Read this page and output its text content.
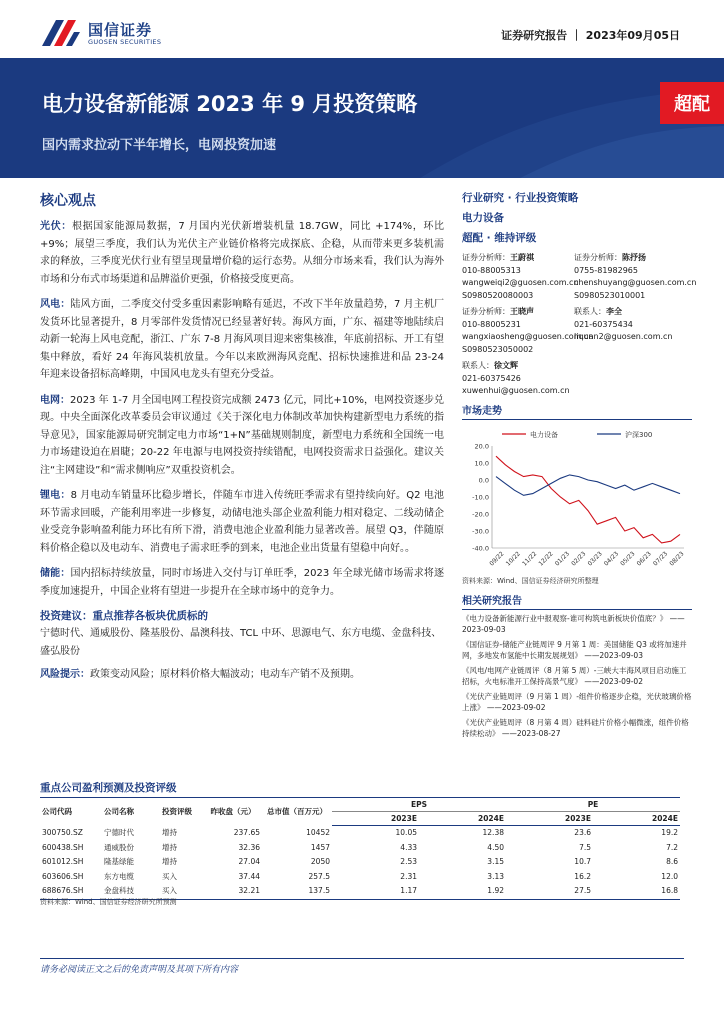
国信证券
GUOSEN SECURITIES	证券研究报告 ｜ 2023年09月05日
电力设备新能源 2023 年 9 月投资策略
国内需求拉动下半年增长，电网投资加速
超配
核心观点
光伏：根据国家能源局数据，7 月国内光伏新增装机量 18.7GW，同比 +174%，环比+9%；展望三季度，我们认为光伏主产业链价格将完成探底、企稳，从而带来更多装机需求的释放，三季度光伏行业有望呈现量增价稳的运行态势。从细分市场来看，我们认为海外市场和分布式市场渠道和品牌溢价更强，价格接受度更高。
风电：陆风方面，二季度交付受多重因素影响略有延迟，不改下半年放量趋势，7 月主机厂发货环比显著提升，8 月零部件发货情况已经显著好转。海风方面，广东、福建等地陆续启动新一轮海上风电竞配，浙江、广东 7-8 月海风项目迎来密集核准，年底前招标、开工有望集中释放，看好 24 年海风装机放量。今年以来欧洲海风竞配、招标快速推进和品 23-24 年迎来设备招标高峰期，中国风电龙头有望充分受益。
电网：2023 年 1-7 月全国电网工程投资完成额 2473 亿元，同比+10%，电网投资逐步兑现。中央全面深化改革委员会审议通过《关于深化电力体制改革加快构建新型电力系统的指导意见》，国家能源局研究制定电力市场“1+N”基础规则制度，新型电力系统和全国统一电力市场建设迫在眉睫；20-22 年电源与电网投资持续错配，电网投资需求日益强化。建议关注“主网建设”和“需求侧响应”双重投资机会。
锂电：8 月电动车销量环比稳步增长，伴随车市进入传统旺季需求有望持续向好。Q2 电池环节需求回暖，产能利用率进一步修复，动储电池头部企业盈利能力相对稳定、二线动储企业受竞争影响盈利能力环比有所下滑，消费电池企业盈利能力显著改善。展望 Q3，伴随原料价格企稳以及电动车、消费电子需求旺季的到来，电池企业出货量有望稳中向好。。
储能：国内招标持续放量，同时市场进入交付与订单旺季，2023 年全球光储市场需求将逐季度加速提升，中国企业将有望进一步提升在全球市场中的竞争力。
投资建议：重点推荐各板块优质标的
宁德时代、通威股份、隆基股份、晶澳科技、TCL 中环、思源电气、东方电缆、金盘科技、盛弘股份
风险提示：政策变动风险；原材料价格大幅波动；电动车产销不及预期。
行业研究 · 行业投资策略
电力设备
超配 · 维持评级
证券分析师：王蔚祺
010-88005313
wangweiqi2@guosen.com.cn
S0980520080003
证券分析师：陈抒扬
0755-81982965
chenshuyang@guosen.com.cn
S0980523010001
证券分析师：王晓声
010-88005231
wangxiaosheng@guosen.com.cn
S0980523050002
联系人：李全
021-60375434
liquan2@guosen.com.cn
联系人：徐文辉
021-60375426
xuwenhui@guosen.com.cn
市场走势
电力设备	沪深300
20.0
10.0
0.0
-10.0
-20.0
-30.0
-40.0
09/22 10/22 11/22 12/22 01/23 02/23 03/23 04/23 05/23 06/23 07/23 08/23
资料来源：Wind、国信证券经济研究所整理
相关研究报告
《电力设备新能源行业中报观察-谁可构筑电新板块价值底？》 ——2023-09-03
《国信证券-储能产业链周评 9 月第 1 周：美国储能 Q3 或将加速并网，多地发布氢能中长期发展规划》 ——2023-09-03
《风电/电网产业链周评（8 月第 5 周）-三峡大丰海风项目启动施工招标，火电标准开工保持高景气度》 ——2023-09-02
《光伏产业链周评（9 月第 1 周）-组件价格逐步企稳，光伏玻璃价格上涨》 ——2023-09-02
《光伏产业链周评（8 月第 4 周）硅料硅片价格小幅微涨，组件价格持续松动》 ——2023-08-27
重点公司盈利预测及投资评级
公司代码	公司名称	投资评级	昨收盘（元）	总市值（百万元）	EPS		PE	
					2023E	2024E	2023E	2024E
300750.SZ	宁德时代	增持	237.65	10452	10.05	12.38	23.6	19.2
600438.SH	通威股份	增持	32.36	1457	4.33	4.50	7.5	7.2
601012.SH	隆基绿能	增持	27.04	2050	2.53	3.15	10.7	8.6
603606.SH	东方电缆	买入	37.44	257.5	2.31	3.13	16.2	12.0
688676.SH	金盘科技	买入	32.21	137.5	1.17	1.92	27.5	16.8
资料来源：Wind、国信证券经济研究所预测
请务必阅读正文之后的免责声明及其项下所有内容
